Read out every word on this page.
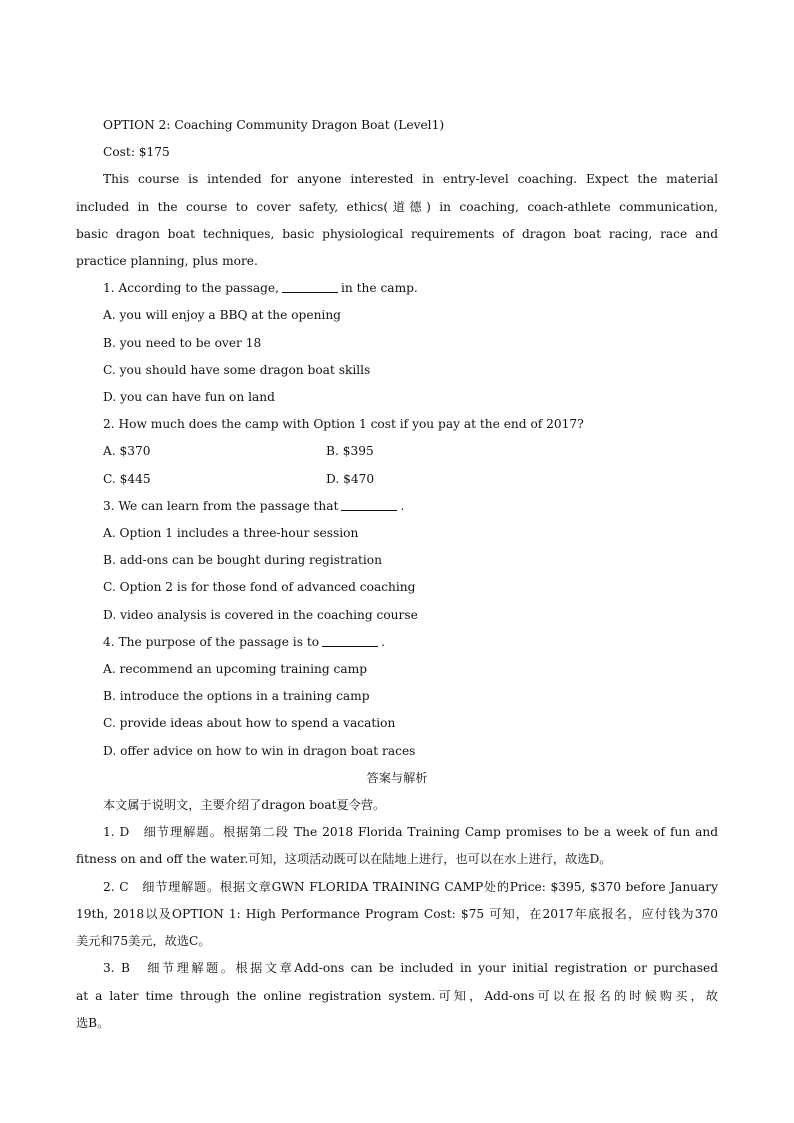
OPTION 2: Coaching Community Dragon Boat (Level1)
Cost: $175
This course is intended for anyone interested in entry-level coaching. Expect the material
included in the course to cover safety, ethics(道德) in coaching, coach-athlete communication,
basic dragon boat techniques, basic physiological requirements of dragon boat racing, race and
practice planning, plus more.
1. According to the passage,	in the camp.
A. you will enjoy a BBQ at the opening
B. you need to be over 18
C. you should have some dragon boat skills
D. you can have fun on land
2. How much does the camp with Option 1 cost if you pay at the end of 2017?
A. $370	B. $395
C. $445	D. $470
3. We can learn from the passage that	.
A. Option 1 includes a three-hour session
B. add-ons can be bought during registration
C. Option 2 is for those fond of advanced coaching
D. video analysis is covered in the coaching course
4. The purpose of the passage is to	.
A. recommend an upcoming training camp
B. introduce the options in a training camp
C. provide ideas about how to spend a vacation
D. offer advice on how to win in dragon boat races
答案与解析
本文属于说明文，主要介绍了dragon boat夏令营。
1. D　细节理解题。根据第二段 The 2018 Florida Training Camp promises to be a week of fun and
fitness on and off the water.可知，这项活动既可以在陆地上进行，也可以在水上进行，故选D。
2. C　细节理解题。根据文章GWN FLORIDA TRAINING CAMP处的Price: $395, $370 before January
19th, 2018以及OPTION 1: High Performance Program Cost: $75 可知，在2017年底报名，应付钱为370
美元和75美元，故选C。
3. B　细节理解题。根据文章Add-ons can be included in your initial registration or purchased
at a later time through the online registration system.可知，Add-ons可以在报名的时候购买，故
选B。
